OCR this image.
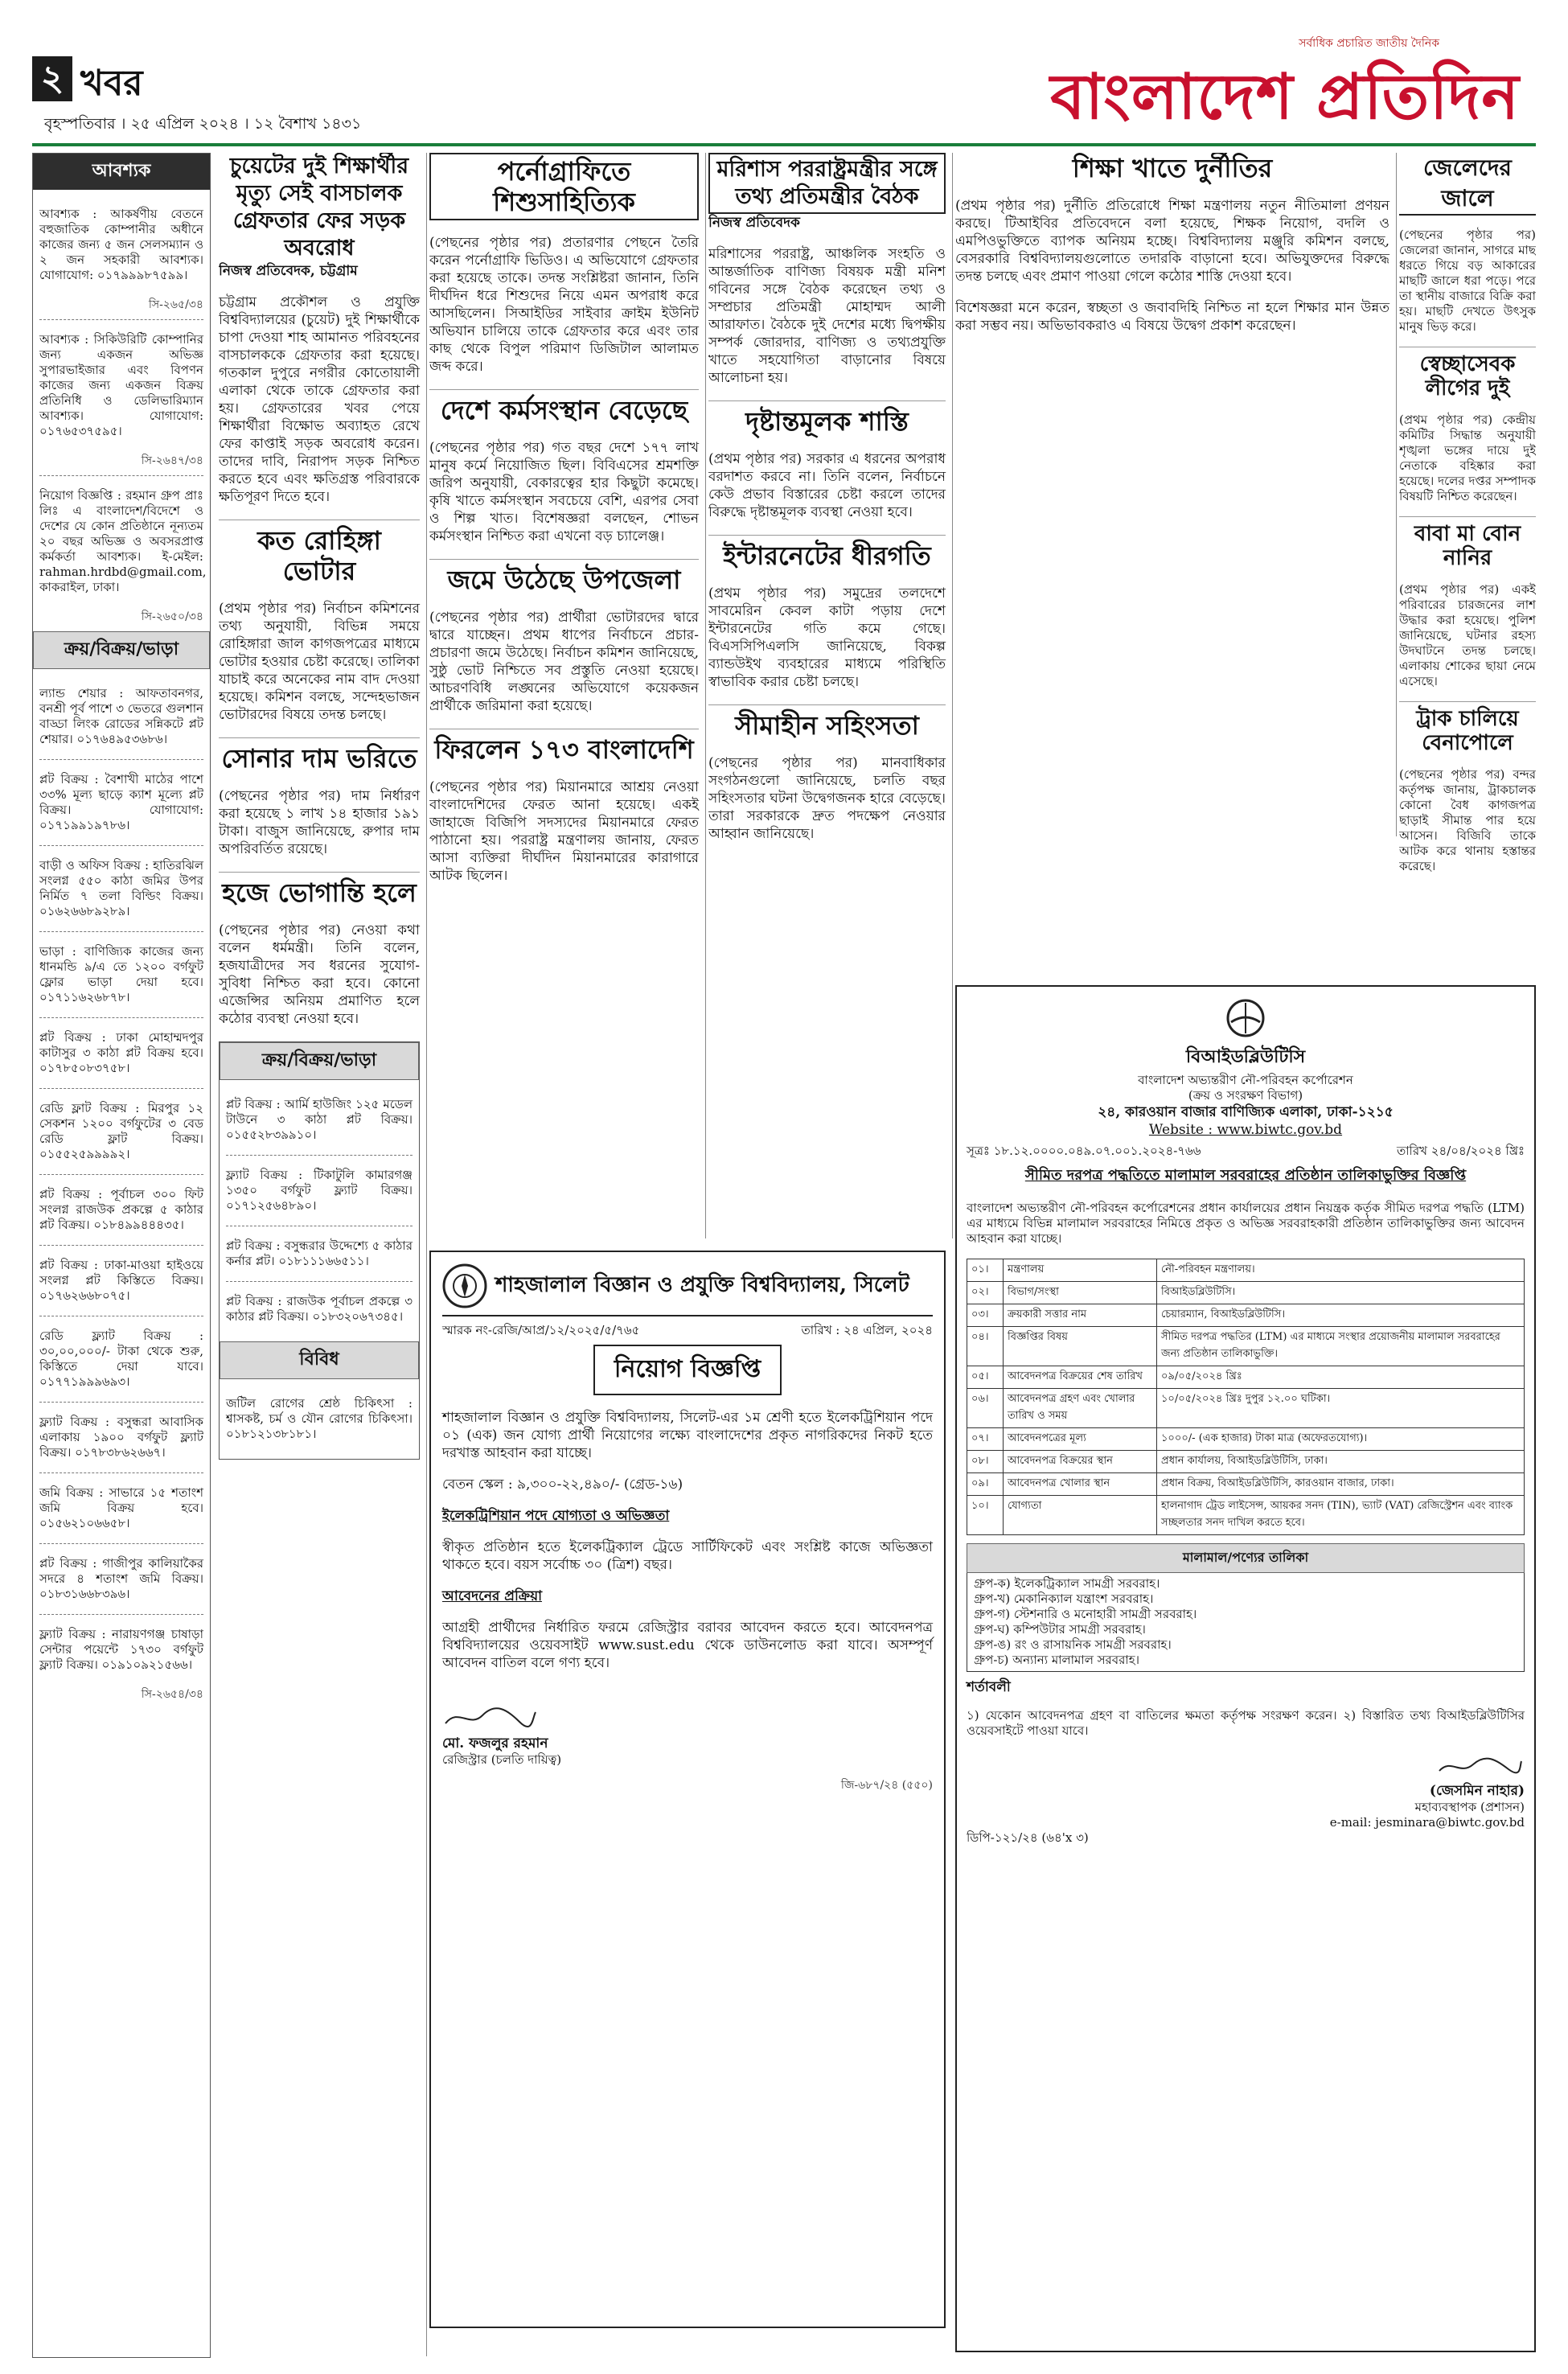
২ খবর
বৃহস্পতিবার । ২৫ এপ্রিল ২০২৪ । ১২ বৈশাখ ১৪৩১
সর্বাধিক প্রচারিত জাতীয় দৈনিক
বাংলাদেশ প্রতিদিন
আবশ্যক

আবশ্যক : আকর্ষণীয় বেতনে বহুজাতিক কোম্পানীর অধীনে কাজের জন্য ৫ জন সেলসম্যান ও ২ জন সহকারী আবশ্যক। যোগাযোগ: ০১৭৯৯৯৮৭৫৯৯।

সি-২৬৫/৩৪

আবশ্যক : সিকিউরিটি কোম্পানির জন্য একজন অভিজ্ঞ সুপারভাইজার এবং বিপণন কাজের জন্য একজন বিক্রয় প্রতিনিধি ও ডেলিভারিম্যান আবশ্যক। যোগাযোগ: ০১৭৬৫৩৭৫৯৫।

সি-২৬৪৭/৩৪

নিয়োগ বিজ্ঞপ্তি : রহমান গ্রুপ প্রাঃ লিঃ এ বাংলাদেশ/বিদেশে ও দেশের যে কোন প্রতিষ্ঠানে নূন্যতম ২০ বছর অভিজ্ঞ ও অবসরপ্রাপ্ত কর্মকর্তা আবশ্যক। ই-মেইল: rahman.hrdbd@gmail.com, কাকরাইল, ঢাকা।

সি-২৬৫০/৩৪
ক্রয়/বিক্রয়/ভাড়া

ল্যান্ড শেয়ার : আফতাবনগর, বনশ্রী পূর্ব পাশে ৩ ভেতরে গুলশান বাড্ডা লিংক রোডের সন্নিকটে প্লট শেয়ার। ০১৭৬৪৯৫৩৬৮৬।

প্লট বিক্রয় : বৈশাখী মাঠের পাশে ৩৩% মূল্য ছাড়ে ক্যাশ মূল্যে প্লট বিক্রয়। যোগাযোগ: ০১৭১৯৯১৯৭৮৬।

বাড়ী ও অফিস বিক্রয় : হাতিরঝিল সংলগ্ন ৫৫০ কাঠা জমির উপর নির্মিত ৭ তলা বিল্ডিং বিক্রয়। ০১৬২৬৬৮৯২৮৯।

ভাড়া : বাণিজ্যিক কাজের জন্য ধানমন্ডি ৯/এ তে ১২০০ বর্গফুট ফ্লোর ভাড়া দেয়া হবে। ০১৭১১৬২৬৮৭৮।

প্লট বিক্রয় : ঢাকা মোহাম্মদপুর কাটাসুর ৩ কাঠা প্লট বিক্রয় হবে। ০১৭৮৫০৮৩৭৫৮।

রেডি ফ্লাট বিক্রয় : মিরপুর ১২ সেকশন ১২০০ বর্গফুটের ৩ বেড রেডি ফ্লাট বিক্রয়। ০১৫৫২৫৯৯৯৯২।

প্লট বিক্রয় : পূর্বাচল ৩০০ ফিট সংলগ্ন রাজউক প্রকল্পে ৫ কাঠার প্লট বিক্রয়। ০১৮৪৯৯৪৪৪৩৫।

প্লট বিক্রয় : ঢাকা-মাওয়া হাইওয়ে সংলগ্ন প্লট কিস্তিতে বিক্রয়। ০১৭৬২৬৬৮০৭৫।

রেডি ফ্ল্যাট বিক্রয় : ৩০,০০,০০০/- টাকা থেকে শুরু, কিস্তিতে দেয়া যাবে। ০১৭৭১৯৯৯৬৯৩।

ফ্ল্যাট বিক্রয় : বসুন্ধরা আবাসিক এলাকায় ১৯০০ বর্গফুট ফ্ল্যাট বিক্রয়। ০১৭৮৩৮৬২৬৬৭।

জমি বিক্রয় : সাভারে ১৫ শতাংশ জমি বিক্রয় হবে। ০১৫৬২১০৬৬৫৮।

প্লট বিক্রয় : গাজীপুর কালিয়াকৈর সদরে ৪ শতাংশ জমি বিক্রয়। ০১৮৩১৬৬৮৩৯৬।

ফ্ল্যাট বিক্রয় : নারায়ণগঞ্জ চাষাড়া সেন্টার পয়েন্টে ১৭৩০ বর্গফুট ফ্ল্যাট বিক্রয়। ০১৯১০৯২১৫৬৬।

সি-২৬৫৪/৩৪
চুয়েটের দুই শিক্ষার্থীর মৃত্যু সেই বাসচালক গ্রেফতার ফের সড়ক অবরোধ
নিজস্ব প্রতিবেদক, চট্টগ্রাম

চট্টগ্রাম প্রকৌশল ও প্রযুক্তি বিশ্ববিদ্যালয়ের (চুয়েট) দুই শিক্ষার্থীকে চাপা দেওয়া শাহ আমানত পরিবহনের বাসচালককে গ্রেফতার করা হয়েছে। গতকাল দুপুরে নগরীর কোতোয়ালী এলাকা থেকে তাকে গ্রেফতার করা হয়। গ্রেফতারের খবর পেয়ে শিক্ষার্থীরা বিক্ষোভ অব্যাহত রেখে ফের কাপ্তাই সড়ক অবরোধ করেন। তাদের দাবি, নিরাপদ সড়ক নিশ্চিত করতে হবে এবং ক্ষতিগ্রস্ত পরিবারকে ক্ষতিপূরণ দিতে হবে।

কত রোহিঙ্গা ভোটার

(প্রথম পৃষ্ঠার পর) নির্বাচন কমিশনের তথ্য অনুযায়ী, বিভিন্ন সময়ে রোহিঙ্গারা জাল কাগজপত্রের মাধ্যমে ভোটার হওয়ার চেষ্টা করেছে। তালিকা যাচাই করে অনেকের নাম বাদ দেওয়া হয়েছে। কমিশন বলছে, সন্দেহভাজন ভোটারদের বিষয়ে তদন্ত চলছে।

সোনার দাম ভরিতে

(পেছনের পৃষ্ঠার পর) দাম নির্ধারণ করা হয়েছে ১ লাখ ১৪ হাজার ১৯১ টাকা। বাজুস জানিয়েছে, রুপার দাম অপরিবর্তিত রয়েছে।

হজে ভোগান্তি হলে

(পেছনের পৃষ্ঠার পর) নেওয়া কথা বলেন ধর্মমন্ত্রী। তিনি বলেন, হজযাত্রীদের সব ধরনের সুযোগ-সুবিধা নিশ্চিত করা হবে। কোনো এজেন্সির অনিয়ম প্রমাণিত হলে কঠোর ব্যবস্থা নেওয়া হবে।

ক্রয়/বিক্রয়/ভাড়া

প্লট বিক্রয় : আর্মি হাউজিং ১২৫ মডেল টাউনে ৩ কাঠা প্লট বিক্রয়। ০১৫৫২৮৩৯৯১০।

ফ্ল্যাট বিক্রয় : টিকাটুলি কামারগঞ্জ ১৩৫০ বর্গফুট ফ্ল্যাট বিক্রয়। ০১৭১২৫৬৪৮৯০।

প্লট বিক্রয় : বসুন্ধরার উদ্দেশ্যে ৫ কাঠার কর্নার প্লট। ০১৮১১১৬৬৫১১।

প্লট বিক্রয় : রাজউক পূর্বাচল প্রকল্পে ৩ কাঠার প্লট বিক্রয়। ০১৮৩২০৬৭৩৪৫।

বিবিধ

জটিল রোগের শ্রেষ্ঠ চিকিৎসা : শ্বাসকষ্ট, চর্ম ও যৌন রোগের চিকিৎসা। ০১৮১২১৩৮১৮১।

পর্নোগ্রাফিতে শিশুসাহিত্যিক

(পেছনের পৃষ্ঠার পর) প্রতারণার পেছনে তৈরি করেন পর্নোগ্রাফি ভিডিও। এ অভিযোগে গ্রেফতার করা হয়েছে তাকে। তদন্ত সংশ্লিষ্টরা জানান, তিনি দীর্ঘদিন ধরে শিশুদের নিয়ে এমন অপরাধ করে আসছিলেন। সিআইডির সাইবার ক্রাইম ইউনিট অভিযান চালিয়ে তাকে গ্রেফতার করে এবং তার কাছ থেকে বিপুল পরিমাণ ডিজিটাল আলামত জব্দ করে।

দেশে কর্মসংস্থান বেড়েছে

(পেছনের পৃষ্ঠার পর) গত বছর দেশে ১৭৭ লাখ মানুষ কর্মে নিয়োজিত ছিল। বিবিএসের শ্রমশক্তি জরিপ অনুযায়ী, বেকারত্বের হার কিছুটা কমেছে। কৃষি খাতে কর্মসংস্থান সবচেয়ে বেশি, এরপর সেবা ও শিল্প খাত। বিশেষজ্ঞরা বলছেন, শোভন কর্মসংস্থান নিশ্চিত করা এখনো বড় চ্যালেঞ্জ।

জমে উঠেছে উপজেলা

(পেছনের পৃষ্ঠার পর) প্রার্থীরা ভোটারদের দ্বারে দ্বারে যাচ্ছেন। প্রথম ধাপের নির্বাচনে প্রচার-প্রচারণা জমে উঠেছে। নির্বাচন কমিশন জানিয়েছে, সুষ্ঠু ভোট নিশ্চিতে সব প্রস্তুতি নেওয়া হয়েছে। আচরণবিধি লঙ্ঘনের অভিযোগে কয়েকজন প্রার্থীকে জরিমানা করা হয়েছে।

ফিরলেন ১৭৩ বাংলাদেশি

(পেছনের পৃষ্ঠার পর) মিয়ানমারে আশ্রয় নেওয়া বাংলাদেশিদের ফেরত আনা হয়েছে। একই জাহাজে বিজিপি সদস্যদের মিয়ানমারে ফেরত পাঠানো হয়। পররাষ্ট্র মন্ত্রণালয় জানায়, ফেরত আসা ব্যক্তিরা দীর্ঘদিন মিয়ানমারের কারাগারে আটক ছিলেন।

মরিশাস পররাষ্ট্রমন্ত্রীর সঙ্গে তথ্য প্রতিমন্ত্রীর বৈঠক
নিজস্ব প্রতিবেদক

মরিশাসের পররাষ্ট্র, আঞ্চলিক সংহতি ও আন্তর্জাতিক বাণিজ্য বিষয়ক মন্ত্রী মনিশ গবিনের সঙ্গে বৈঠক করেছেন তথ্য ও সম্প্রচার প্রতিমন্ত্রী মোহাম্মদ আলী আরাফাত। বৈঠকে দুই দেশের মধ্যে দ্বিপক্ষীয় সম্পর্ক জোরদার, বাণিজ্য ও তথ্যপ্রযুক্তি খাতে সহযোগিতা বাড়ানোর বিষয়ে আলোচনা হয়।

দৃষ্টান্তমূলক শাস্তি

(প্রথম পৃষ্ঠার পর) সরকার এ ধরনের অপরাধ বরদাশত করবে না। তিনি বলেন, নির্বাচনে কেউ প্রভাব বিস্তারের চেষ্টা করলে তাদের বিরুদ্ধে দৃষ্টান্তমূলক ব্যবস্থা নেওয়া হবে।

ইন্টারনেটের ধীরগতি

(প্রথম পৃষ্ঠার পর) সমুদ্রের তলদেশে সাবমেরিন কেবল কাটা পড়ায় দেশে ইন্টারনেটের গতি কমে গেছে। বিএসসিপিএলসি জানিয়েছে, বিকল্প ব্যান্ডউইথ ব্যবহারের মাধ্যমে পরিস্থিতি স্বাভাবিক করার চেষ্টা চলছে।

সীমাহীন সহিংসতা

(পেছনের পৃষ্ঠার পর) মানবাধিকার সংগঠনগুলো জানিয়েছে, চলতি বছর সহিংসতার ঘটনা উদ্বেগজনক হারে বেড়েছে। তারা সরকারকে দ্রুত পদক্ষেপ নেওয়ার আহ্বান জানিয়েছে।

শিক্ষা খাতে দুর্নীতির

(প্রথম পৃষ্ঠার পর) দুর্নীতি প্রতিরোধে শিক্ষা মন্ত্রণালয় নতুন নীতিমালা প্রণয়ন করছে। টিআইবির প্রতিবেদনে বলা হয়েছে, শিক্ষক নিয়োগ, বদলি ও এমপিওভুক্তিতে ব্যাপক অনিয়ম হচ্ছে। বিশ্ববিদ্যালয় মঞ্জুরি কমিশন বলছে, বেসরকারি বিশ্ববিদ্যালয়গুলোতে তদারকি বাড়ানো হবে। অভিযুক্তদের বিরুদ্ধে তদন্ত চলছে এবং প্রমাণ পাওয়া গেলে কঠোর শাস্তি দেওয়া হবে।

বিশেষজ্ঞরা মনে করেন, স্বচ্ছতা ও জবাবদিহি নিশ্চিত না হলে শিক্ষার মান উন্নত করা সম্ভব নয়। অভিভাবকরাও এ বিষয়ে উদ্বেগ প্রকাশ করেছেন।

জেলেদের জালে

(পেছনের পৃষ্ঠার পর) জেলেরা জানান, সাগরে মাছ ধরতে গিয়ে বড় আকারের মাছটি জালে ধরা পড়ে। পরে তা স্থানীয় বাজারে বিক্রি করা হয়। মাছটি দেখতে উৎসুক মানুষ ভিড় করে।

স্বেচ্ছাসেবক লীগের দুই

(প্রথম পৃষ্ঠার পর) কেন্দ্রীয় কমিটির সিদ্ধান্ত অনুযায়ী শৃঙ্খলা ভঙ্গের দায়ে দুই নেতাকে বহিষ্কার করা হয়েছে। দলের দপ্তর সম্পাদক বিষয়টি নিশ্চিত করেছেন।

বাবা মা বোন নানির

(প্রথম পৃষ্ঠার পর) একই পরিবারের চারজনের লাশ উদ্ধার করা হয়েছে। পুলিশ জানিয়েছে, ঘটনার রহস্য উদঘাটনে তদন্ত চলছে। এলাকায় শোকের ছায়া নেমে এসেছে।

ট্রাক চালিয়ে বেনাপোলে

(পেছনের পৃষ্ঠার পর) বন্দর কর্তৃপক্ষ জানায়, ট্রাকচালক কোনো বৈধ কাগজপত্র ছাড়াই সীমান্ত পার হয়ে আসেন। বিজিবি তাকে আটক করে থানায় হস্তান্তর করেছে।

শাহজালাল বিজ্ঞান ও প্রযুক্তি বিশ্ববিদ্যালয়, সিলেট
স্মারক নং-রেজি/আপ্র/১২/২০২৫/৫/৭৬৫	তারিখ : ২৪ এপ্রিল, ২০২৪
নিয়োগ বিজ্ঞপ্তি

শাহজালাল বিজ্ঞান ও প্রযুক্তি বিশ্ববিদ্যালয়, সিলেট-এর ১ম শ্রেণী হতে ইলেকট্রিশিয়ান পদে ০১ (এক) জন যোগ্য প্রার্থী নিয়োগের লক্ষ্যে বাংলাদেশের প্রকৃত নাগরিকদের নিকট হতে দরখাস্ত আহবান করা যাচ্ছে।

বেতন স্কেল : ৯,৩০০-২২,৪৯০/- (গ্রেড-১৬)

ইলেকট্রিশিয়ান পদে যোগ্যতা ও অভিজ্ঞতা

স্বীকৃত প্রতিষ্ঠান হতে ইলেকট্রিক্যাল ট্রেডে সার্টিফিকেট এবং সংশ্লিষ্ট কাজে অভিজ্ঞতা থাকতে হবে। বয়স সর্বোচ্চ ৩০ (ত্রিশ) বছর।

আবেদনের প্রক্রিয়া

আগ্রহী প্রার্থীদের নির্ধারিত ফরমে রেজিস্ট্রার বরাবর আবেদন করতে হবে। আবেদনপত্র বিশ্ববিদ্যালয়ের ওয়েবসাইট www.sust.edu থেকে ডাউনলোড করা যাবে। অসম্পূর্ণ আবেদন বাতিল বলে গণ্য হবে।

মো. ফজলুর রহমান
রেজিস্ট্রার (চলতি দায়িত্ব)
জি-৬৮৭/২৪ (৫৫০)
বিআইডব্লিউটিসি
বাংলাদেশ অভ্যন্তরীণ নৌ-পরিবহন কর্পোরেশন
(ক্রয় ও সংরক্ষণ বিভাগ)
২৪, কারওয়ান বাজার বাণিজ্যিক এলাকা, ঢাকা-১২১৫
Website : www.biwtc.gov.bd
সূত্রঃ ১৮.১২.০০০০.০৪৯.০৭.০০১.২০২৪-৭৬৬	তারিখ ২৪/০৪/২০২৪ খ্রিঃ
সীমিত দরপত্র পদ্ধতিতে মালামাল সরবরাহের প্রতিষ্ঠান তালিকাভুক্তির বিজ্ঞপ্তি

বাংলাদেশ অভ্যন্তরীণ নৌ-পরিবহন কর্পোরেশনের প্রধান কার্যালয়ের প্রধান নিয়ন্ত্রক কর্তৃক সীমিত দরপত্র পদ্ধতি (LTM) এর মাধ্যমে বিভিন্ন মালামাল সরবরাহের নিমিত্তে প্রকৃত ও অভিজ্ঞ সরবরাহকারী প্রতিষ্ঠান তালিকাভুক্তির জন্য আবেদন আহবান করা যাচ্ছে।

০১।	মন্ত্রণালয়	নৌ-পরিবহন মন্ত্রণালয়।
০২।	বিভাগ/সংস্থা	বিআইডব্লিউটিসি।
০৩।	ক্রয়কারী সত্তার নাম	চেয়ারম্যান, বিআইডব্লিউটিসি।
০৪।	বিজ্ঞপ্তির বিষয়	সীমিত দরপত্র পদ্ধতির (LTM) এর মাধ্যমে সংস্থার প্রয়োজনীয় মালামাল সরবরাহের জন্য প্রতিষ্ঠান তালিকাভুক্তি।
০৫।	আবেদনপত্র বিক্রয়ের শেষ তারিখ	০৯/০৫/২০২৪ খ্রিঃ
০৬।	আবেদনপত্র গ্রহণ এবং খোলার তারিখ ও সময়	১০/০৫/২০২৪ খ্রিঃ দুপুর ১২.০০ ঘটিকা।
০৭।	আবেদনপত্রের মূল্য	১০০০/- (এক হাজার) টাকা মাত্র (অফেরতযোগ্য)।
০৮।	আবেদনপত্র বিক্রয়ের স্থান	প্রধান কার্যালয়, বিআইডব্লিউটিসি, ঢাকা।
০৯।	আবেদনপত্র খোলার স্থান	প্রধান বিক্রয়, বিআইডব্লিউটিসি, কারওয়ান বাজার, ঢাকা।
১০।	যোগ্যতা	হালনাগাদ ট্রেড লাইসেন্স, আয়কর সনদ (TIN), ভ্যাট (VAT) রেজিস্ট্রেশন এবং ব্যাংক সচ্ছলতার সনদ দাখিল করতে হবে।
মালামাল/পণ্যের তালিকা
গ্রুপ-ক) ইলেকট্রিক্যাল সামগ্রী সরবরাহ।
গ্রুপ-খ) মেকানিক্যাল যন্ত্রাংশ সরবরাহ।
গ্রুপ-গ) স্টেশনারি ও মনোহারী সামগ্রী সরবরাহ।
গ্রুপ-ঘ) কম্পিউটার সামগ্রী সরবরাহ।
গ্রুপ-ঙ) রং ও রাসায়নিক সামগ্রী সরবরাহ।
গ্রুপ-চ) অন্যান্য মালামাল সরবরাহ।
শর্তাবলী

১) যেকোন আবেদনপত্র গ্রহণ বা বাতিলের ক্ষমতা কর্তৃপক্ষ সংরক্ষণ করেন। ২) বিস্তারিত তথ্য বিআইডব্লিউটিসির ওয়েবসাইটে পাওয়া যাবে।

(জেসমিন নাহার)
মহাব্যবস্থাপক (প্রশাসন)
e-mail: jesminara@biwtc.gov.bd
ডিপি-১২১/২৪ (৬৪'x ৩)
